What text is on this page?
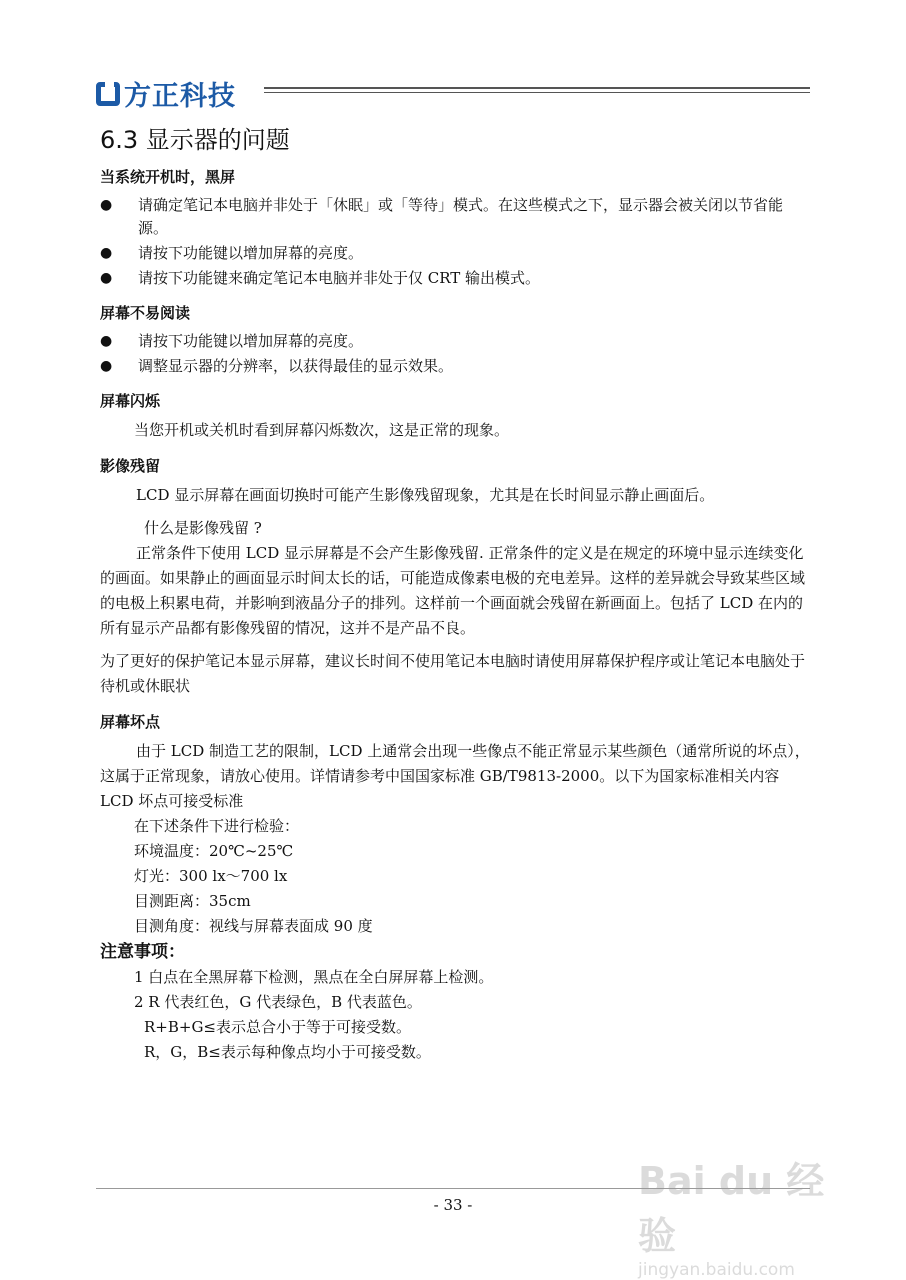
方正科技
6.3 显示器的问题
当系统开机时，黑屏
● 请确定笔记本电脑并非处于「休眠」或「等待」模式。在这些模式之下，显示器会被关闭以节省能源。
● 请按下功能键以增加屏幕的亮度。
● 请按下功能键来确定笔记本电脑并非处于仅 CRT 输出模式。
屏幕不易阅读
● 请按下功能键以增加屏幕的亮度。
● 调整显示器的分辨率，以获得最佳的显示效果。
屏幕闪烁

当您开机或关机时看到屏幕闪烁数次，这是正常的现象。

影像残留

LCD 显示屏幕在画面切换时可能产生影像残留现象，尤其是在长时间显示静止画面后。

什么是影像残留 ?

正常条件下使用 LCD 显示屏幕是不会产生影像残留. 正常条件的定义是在规定的环境中显示连续变化的画面。如果静止的画面显示时间太长的话，可能造成像素电极的充电差异。这样的差异就会导致某些区域的电极上积累电荷，并影响到液晶分子的排列。这样前一个画面就会残留在新画面上。包括了 LCD 在内的所有显示产品都有影像残留的情况，这并不是产品不良。

为了更好的保护笔记本显示屏幕，建议长时间不使用笔记本电脑时请使用屏幕保护程序或让笔记本电脑处于待机或休眠状

屏幕坏点

由于 LCD 制造工艺的限制，LCD 上通常会出现一些像点不能正常显示某些颜色（通常所说的坏点），这属于正常现象，请放心使用。详情请参考中国国家标准 GB/T9813-2000。以下为国家标准相关内容

LCD 坏点可接受标准

在下述条件下进行检验：

环境温度：20℃~25℃

灯光：300 lx～700 lx

目测距离：35cm

目测角度：视线与屏幕表面成 90 度

注意事项：

1 白点在全黑屏幕下检测，黑点在全白屏屏幕上检测。

2 R 代表红色，G 代表绿色，B 代表蓝色。

R+B+G≤表示总合小于等于可接受数。

R，G，B≤表示每种像点均小于可接受数。

- 33 -
Bai du 经验
jingyan.baidu.com
